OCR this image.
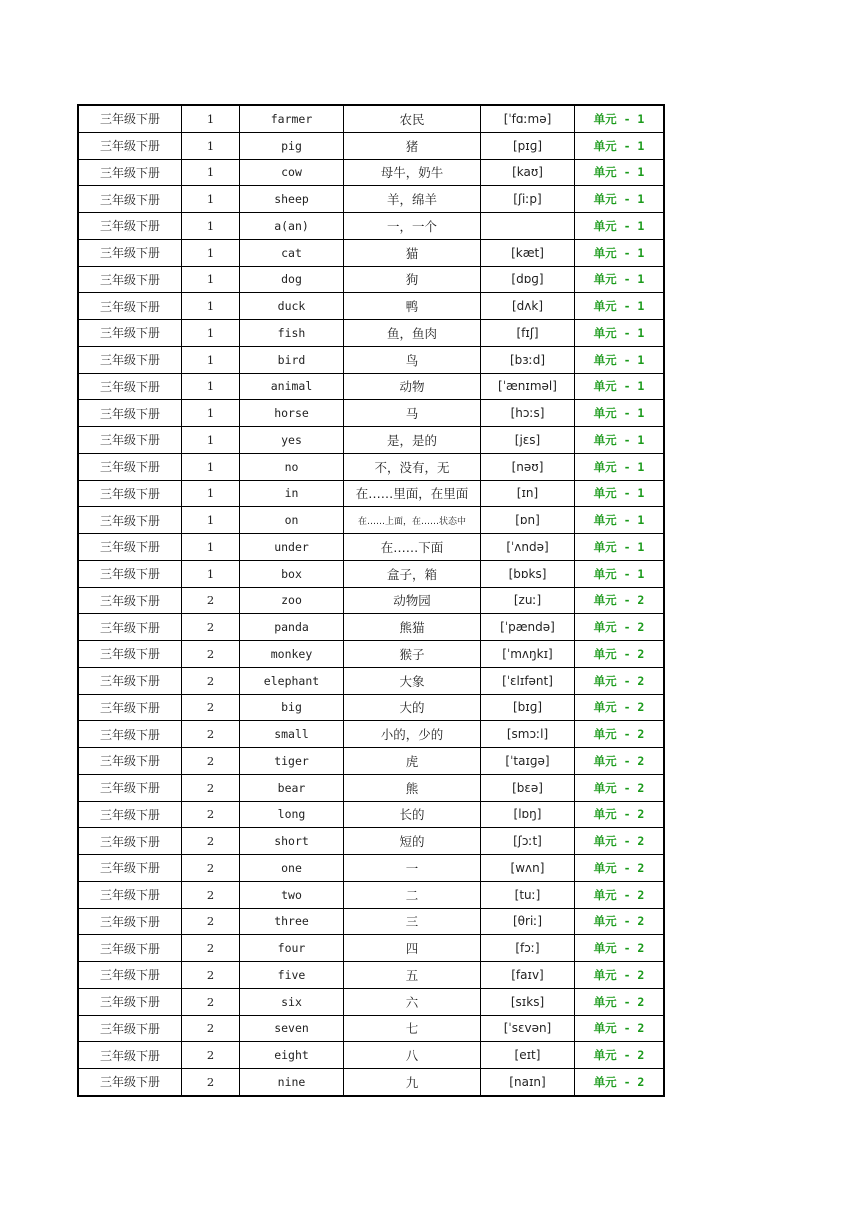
三年级下册	1	farmer	农民	[ˈfɑːmə]	单元 - 1
三年级下册	1	pig	猪	[pɪɡ]	单元 - 1
三年级下册	1	cow	母牛，奶牛	[kaʊ]	单元 - 1
三年级下册	1	sheep	羊，绵羊	[ʃiːp]	单元 - 1
三年级下册	1	a(an)	一，一个		单元 - 1
三年级下册	1	cat	猫	[kæt]	单元 - 1
三年级下册	1	dog	狗	[dɒɡ]	单元 - 1
三年级下册	1	duck	鸭	[dʌk]	单元 - 1
三年级下册	1	fish	鱼，鱼肉	[fɪʃ]	单元 - 1
三年级下册	1	bird	鸟	[bɜːd]	单元 - 1
三年级下册	1	animal	动物	[ˈænɪməl]	单元 - 1
三年级下册	1	horse	马	[hɔːs]	单元 - 1
三年级下册	1	yes	是，是的	[jɛs]	单元 - 1
三年级下册	1	no	不，没有，无	[nəʊ]	单元 - 1
三年级下册	1	in	在……里面，在里面	[ɪn]	单元 - 1
三年级下册	1	on	在……上面，在……状态中	[ɒn]	单元 - 1
三年级下册	1	under	在……下面	[ˈʌndə]	单元 - 1
三年级下册	1	box	盒子，箱	[bɒks]	单元 - 1
三年级下册	2	zoo	动物园	[zuː]	单元 - 2
三年级下册	2	panda	熊猫	[ˈpændə]	单元 - 2
三年级下册	2	monkey	猴子	[ˈmʌŋkɪ]	单元 - 2
三年级下册	2	elephant	大象	[ˈɛlɪfənt]	单元 - 2
三年级下册	2	big	大的	[bɪɡ]	单元 - 2
三年级下册	2	small	小的，少的	[smɔːl]	单元 - 2
三年级下册	2	tiger	虎	[ˈtaɪɡə]	单元 - 2
三年级下册	2	bear	熊	[bɛə]	单元 - 2
三年级下册	2	long	长的	[lɒŋ]	单元 - 2
三年级下册	2	short	短的	[ʃɔːt]	单元 - 2
三年级下册	2	one	一	[wʌn]	单元 - 2
三年级下册	2	two	二	[tuː]	单元 - 2
三年级下册	2	three	三	[θriː]	单元 - 2
三年级下册	2	four	四	[fɔː]	单元 - 2
三年级下册	2	five	五	[faɪv]	单元 - 2
三年级下册	2	six	六	[sɪks]	单元 - 2
三年级下册	2	seven	七	[ˈsɛvən]	单元 - 2
三年级下册	2	eight	八	[eɪt]	单元 - 2
三年级下册	2	nine	九	[naɪn]	单元 - 2
